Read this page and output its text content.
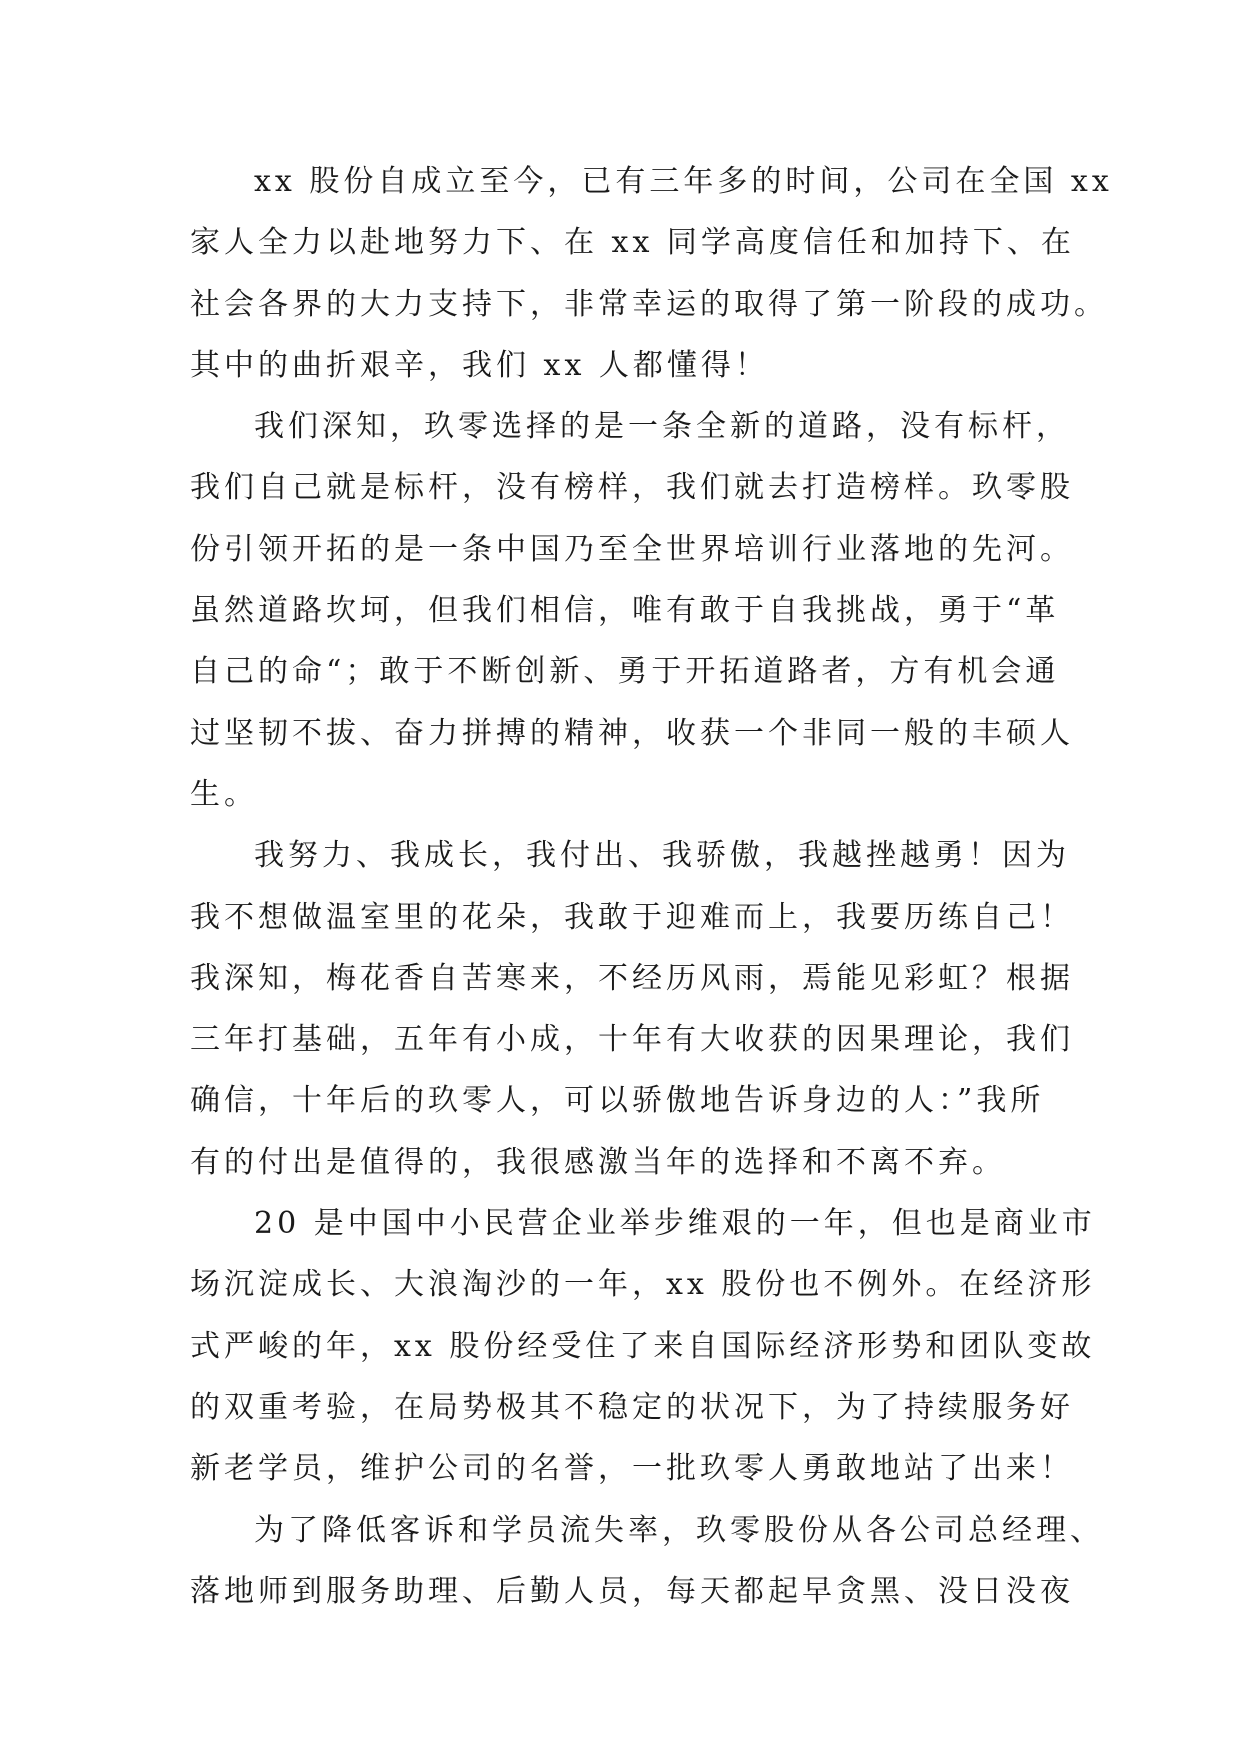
xx 股份自成立至今，已有三年多的时间，公司在全国 xx
家人全力以赴地努力下、在 xx 同学高度信任和加持下、在
社会各界的大力支持下，非常幸运的取得了第一阶段的成功。
其中的曲折艰辛，我们 xx 人都懂得！
我们深知，玖零选择的是一条全新的道路，没有标杆，
我们自己就是标杆，没有榜样，我们就去打造榜样。玖零股
份引领开拓的是一条中国乃至全世界培训行业落地的先河。
虽然道路坎坷，但我们相信，唯有敢于自我挑战，勇于“革
自己的命“；敢于不断创新、勇于开拓道路者，方有机会通
过坚韧不拔、奋力拼搏的精神，收获一个非同一般的丰硕人
生。
我努力、我成长，我付出、我骄傲，我越挫越勇！因为
我不想做温室里的花朵，我敢于迎难而上，我要历练自己！
我深知，梅花香自苦寒来，不经历风雨，焉能见彩虹？根据
三年打基础，五年有小成，十年有大收获的因果理论，我们
确信，十年后的玖零人，可以骄傲地告诉身边的人：”我所
有的付出是值得的，我很感激当年的选择和不离不弃。
20 是中国中小民营企业举步维艰的一年，但也是商业市
场沉淀成长、大浪淘沙的一年，xx 股份也不例外。在经济形
式严峻的年，xx 股份经受住了来自国际经济形势和团队变故
的双重考验，在局势极其不稳定的状况下，为了持续服务好
新老学员，维护公司的名誉，一批玖零人勇敢地站了出来！
为了降低客诉和学员流失率，玖零股份从各公司总经理、
落地师到服务助理、后勤人员，每天都起早贪黑、没日没夜
